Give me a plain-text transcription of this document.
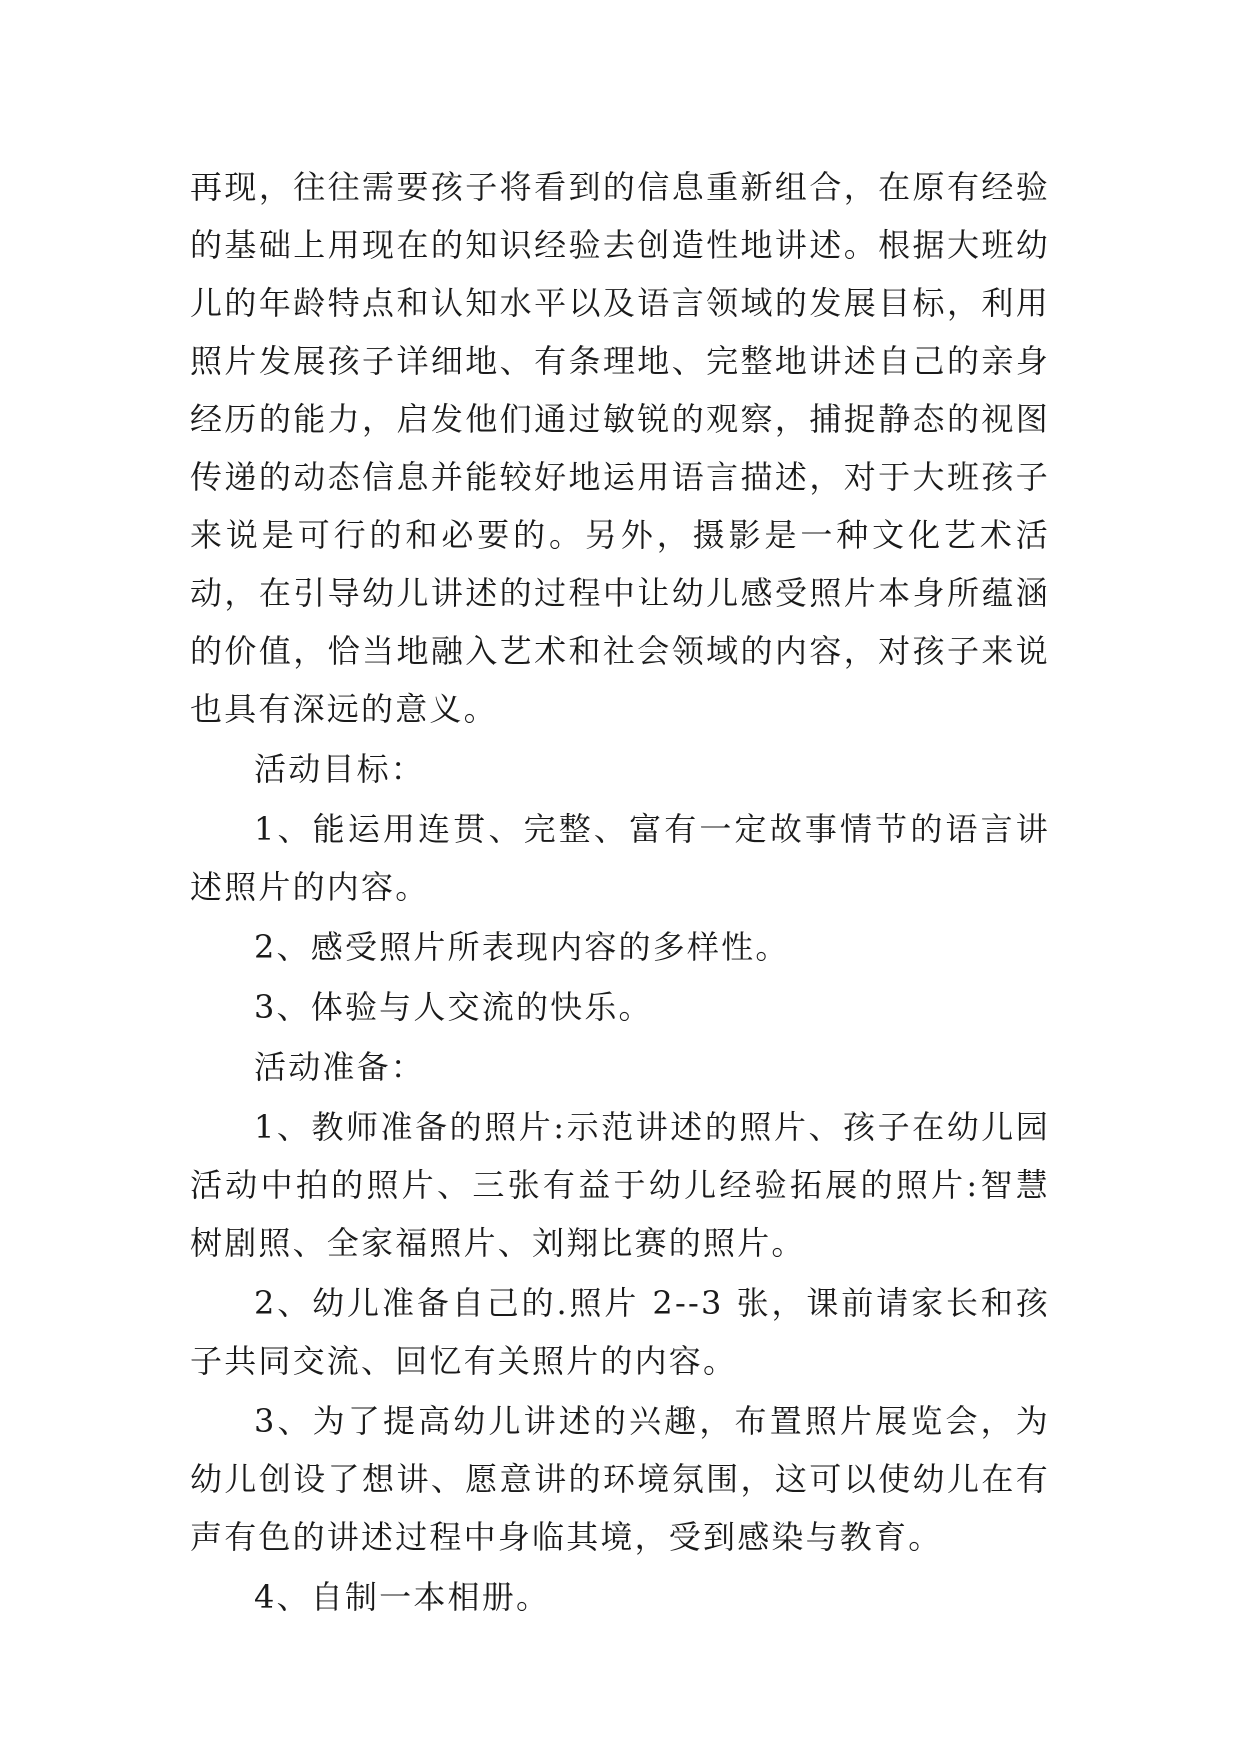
再现，往往需要孩子将看到的信息重新组合，在原有经验的基础上用现在的知识经验去创造性地讲述。根据大班幼儿的年龄特点和认知水平以及语言领域的发展目标，利用照片发展孩子详细地、有条理地、完整地讲述自己的亲身经历的能力，启发他们通过敏锐的观察，捕捉静态的视图传递的动态信息并能较好地运用语言描述，对于大班孩子来说是可行的和必要的。另外，摄影是一种文化艺术活动，在引导幼儿讲述的过程中让幼儿感受照片本身所蕴涵的价值，恰当地融入艺术和社会领域的内容，对孩子来说也具有深远的意义。

活动目标：

1、能运用连贯、完整、富有一定故事情节的语言讲述照片的内容。

2、感受照片所表现内容的多样性。

3、体验与人交流的快乐。

活动准备：

1、教师准备的照片:示范讲述的照片、孩子在幼儿园活动中拍的照片、三张有益于幼儿经验拓展的照片:智慧树剧照、全家福照片、刘翔比赛的照片。

2、幼儿准备自己的.照片 2--3 张，课前请家长和孩子共同交流、回忆有关照片的内容。

3、为了提高幼儿讲述的兴趣，布置照片展览会，为幼儿创设了想讲、愿意讲的环境氛围，这可以使幼儿在有声有色的讲述过程中身临其境，受到感染与教育。

4、自制一本相册。
